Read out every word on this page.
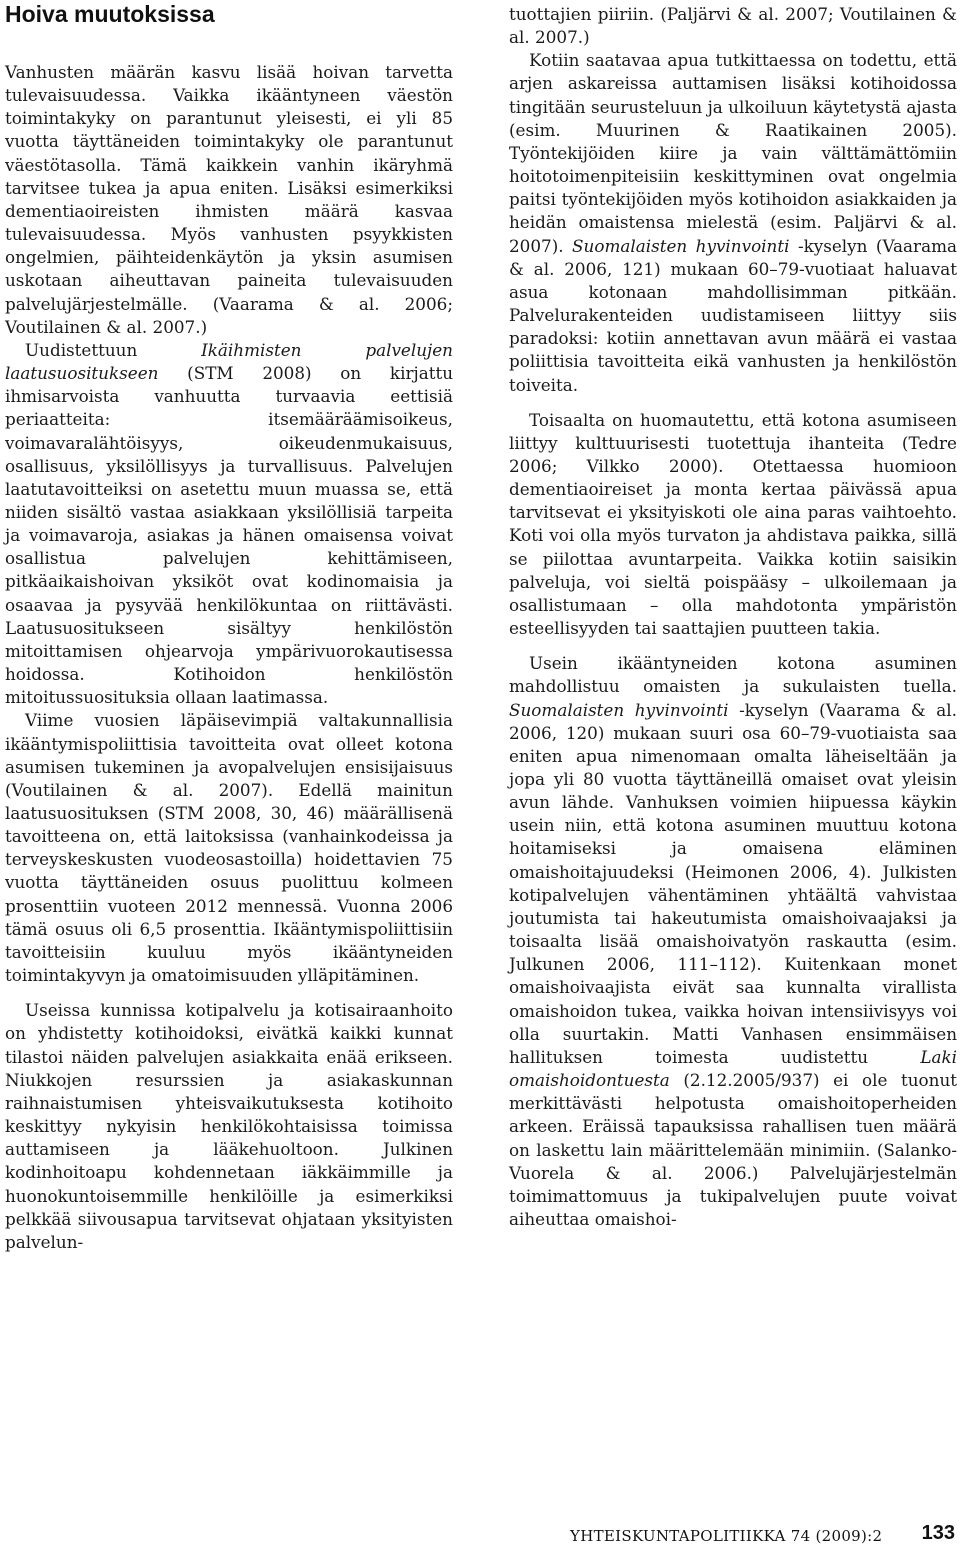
Hoiva muutoksissa

Vanhusten määrän kasvu lisää hoivan tarvetta tulevaisuudessa. Vaikka ikääntyneen väestön toimintakyky on parantunut yleisesti, ei yli 85 vuotta täyttäneiden toimintakyky ole parantunut väestötasolla. Tämä kaikkein vanhin ikäryhmä tarvitsee tukea ja apua eniten. Lisäksi esimerkiksi dementiaoireisten ihmisten määrä kasvaa tulevaisuudessa. Myös vanhusten psyykkisten ongelmien, päihteidenkäytön ja yksin asumisen uskotaan aiheuttavan paineita tulevaisuuden palvelujärjestelmälle. (Vaarama & al. 2006; Voutilainen & al. 2007.)

Uudistettuun Ikäihmisten palvelujen laatusuositukseen (STM 2008) on kirjattu ihmisarvoista vanhuutta turvaavia eettisiä periaatteita: itsemääräämisoikeus, voimavaralähtöisyys, oikeudenmukaisuus, osallisuus, yksilöllisyys ja turvallisuus. Palvelujen laatutavoitteiksi on asetettu muun muassa se, että niiden sisältö vastaa asiakkaan yksilöllisiä tarpeita ja voimavaroja, asiakas ja hänen omaisensa voivat osallistua palvelujen kehittämiseen, pitkäaikaishoivan yksiköt ovat kodinomaisia ja osaavaa ja pysyvää henkilökuntaa on riittävästi. Laatusuositukseen sisältyy henkilöstön mitoittamisen ohjearvoja ympärivuorokautisessa hoidossa. Kotihoidon henkilöstön mitoitussuosituksia ollaan laatimassa.

Viime vuosien läpäisevimpiä valtakunnallisia ikääntymispoliittisia tavoitteita ovat olleet kotona asumisen tukeminen ja avopalvelujen ensisijaisuus (Voutilainen & al. 2007). Edellä mainitun laatusuosituksen (STM 2008, 30, 46) määrällisenä tavoitteena on, että laitoksissa (vanhainkodeissa ja terveyskeskusten vuodeosastoilla) hoidettavien 75 vuotta täyttäneiden osuus puolittuu kolmeen prosenttiin vuoteen 2012 mennessä. Vuonna 2006 tämä osuus oli 6,5 prosenttia. Ikääntymispoliittisiin tavoitteisiin kuuluu myös ikääntyneiden toimintakyvyn ja omatoimisuuden ylläpitäminen.

Useissa kunnissa kotipalvelu ja kotisairaanhoito on yhdistetty kotihoidoksi, eivätkä kaikki kunnat tilastoi näiden palvelujen asiakkaita enää erikseen. Niukkojen resurssien ja asiakaskunnan raihnaistumisen yhteisvaikutuksesta kotihoito keskittyy nykyisin henkilökohtaisissa toimissa auttamiseen ja lääkehuoltoon. Julkinen kodinhoitoapu kohdennetaan iäkkäimmille ja huonokuntoisemmille henkilöille ja esimerkiksi pelkkää siivousapua tarvitsevat ohjataan yksityisten palvelun-

tuottajien piiriin. (Paljärvi & al. 2007; Voutilainen & al. 2007.)

Kotiin saatavaa apua tutkittaessa on todettu, että arjen askareissa auttamisen lisäksi kotihoidossa tingitään seurusteluun ja ulkoiluun käytetystä ajasta (esim. Muurinen & Raatikainen 2005). Työntekijöiden kiire ja vain välttämättömiin hoitotoimenpiteisiin keskittyminen ovat ongelmia paitsi työntekijöiden myös kotihoidon asiakkaiden ja heidän omaistensa mielestä (esim. Paljärvi & al. 2007). Suomalaisten hyvinvointi -kyselyn (Vaarama & al. 2006, 121) mukaan 60–79-vuotiaat haluavat asua kotonaan mahdollisimman pitkään. Palvelurakenteiden uudistamiseen liittyy siis paradoksi: kotiin annettavan avun määrä ei vastaa poliittisia tavoitteita eikä vanhusten ja henkilöstön toiveita.

Toisaalta on huomautettu, että kotona asumiseen liittyy kulttuurisesti tuotettuja ihanteita (Tedre 2006; Vilkko 2000). Otettaessa huomioon dementiaoireiset ja monta kertaa päivässä apua tarvitsevat ei yksityiskoti ole aina paras vaihtoehto. Koti voi olla myös turvaton ja ahdistava paikka, sillä se piilottaa avuntarpeita. Vaikka kotiin saisikin palveluja, voi sieltä poispääsy – ulkoilemaan ja osallistumaan – olla mahdotonta ympäristön esteellisyyden tai saattajien puutteen takia.

Usein ikääntyneiden kotona asuminen mahdollistuu omaisten ja sukulaisten tuella. Suomalaisten hyvinvointi -kyselyn (Vaarama & al. 2006, 120) mukaan suuri osa 60–79-vuotiaista saa eniten apua nimenomaan omalta läheiseltään ja jopa yli 80 vuotta täyttäneillä omaiset ovat yleisin avun lähde. Vanhuksen voimien hiipuessa käykin usein niin, että kotona asuminen muuttuu kotona hoitamiseksi ja omaisena eläminen omaishoitajuudeksi (Heimonen 2006, 4). Julkisten kotipalvelujen vähentäminen yhtäältä vahvistaa joutumista tai hakeutumista omaishoivaajaksi ja toisaalta lisää omaishoivatyön raskautta (esim. Julkunen 2006, 111–112). Kuitenkaan monet omaishoivaajista eivät saa kunnalta virallista omaishoidon tukea, vaikka hoivan intensiivisyys voi olla suurtakin. Matti Vanhasen ensimmäisen hallituksen toimesta uudistettu Laki omaishoidontuesta (2.12.2005/937) ei ole tuonut merkittävästi helpotusta omaishoitoperheiden arkeen. Eräissä tapauksissa rahallisen tuen määrä on laskettu lain määrittelemään minimiin. (Salanko-Vuorela & al. 2006.) Palvelujärjestelmän toimimattomuus ja tukipalvelujen puute voivat aiheuttaa omaishoi-

YHTEISKUNTAPOLITIIKKA 74 (2009):2 133
